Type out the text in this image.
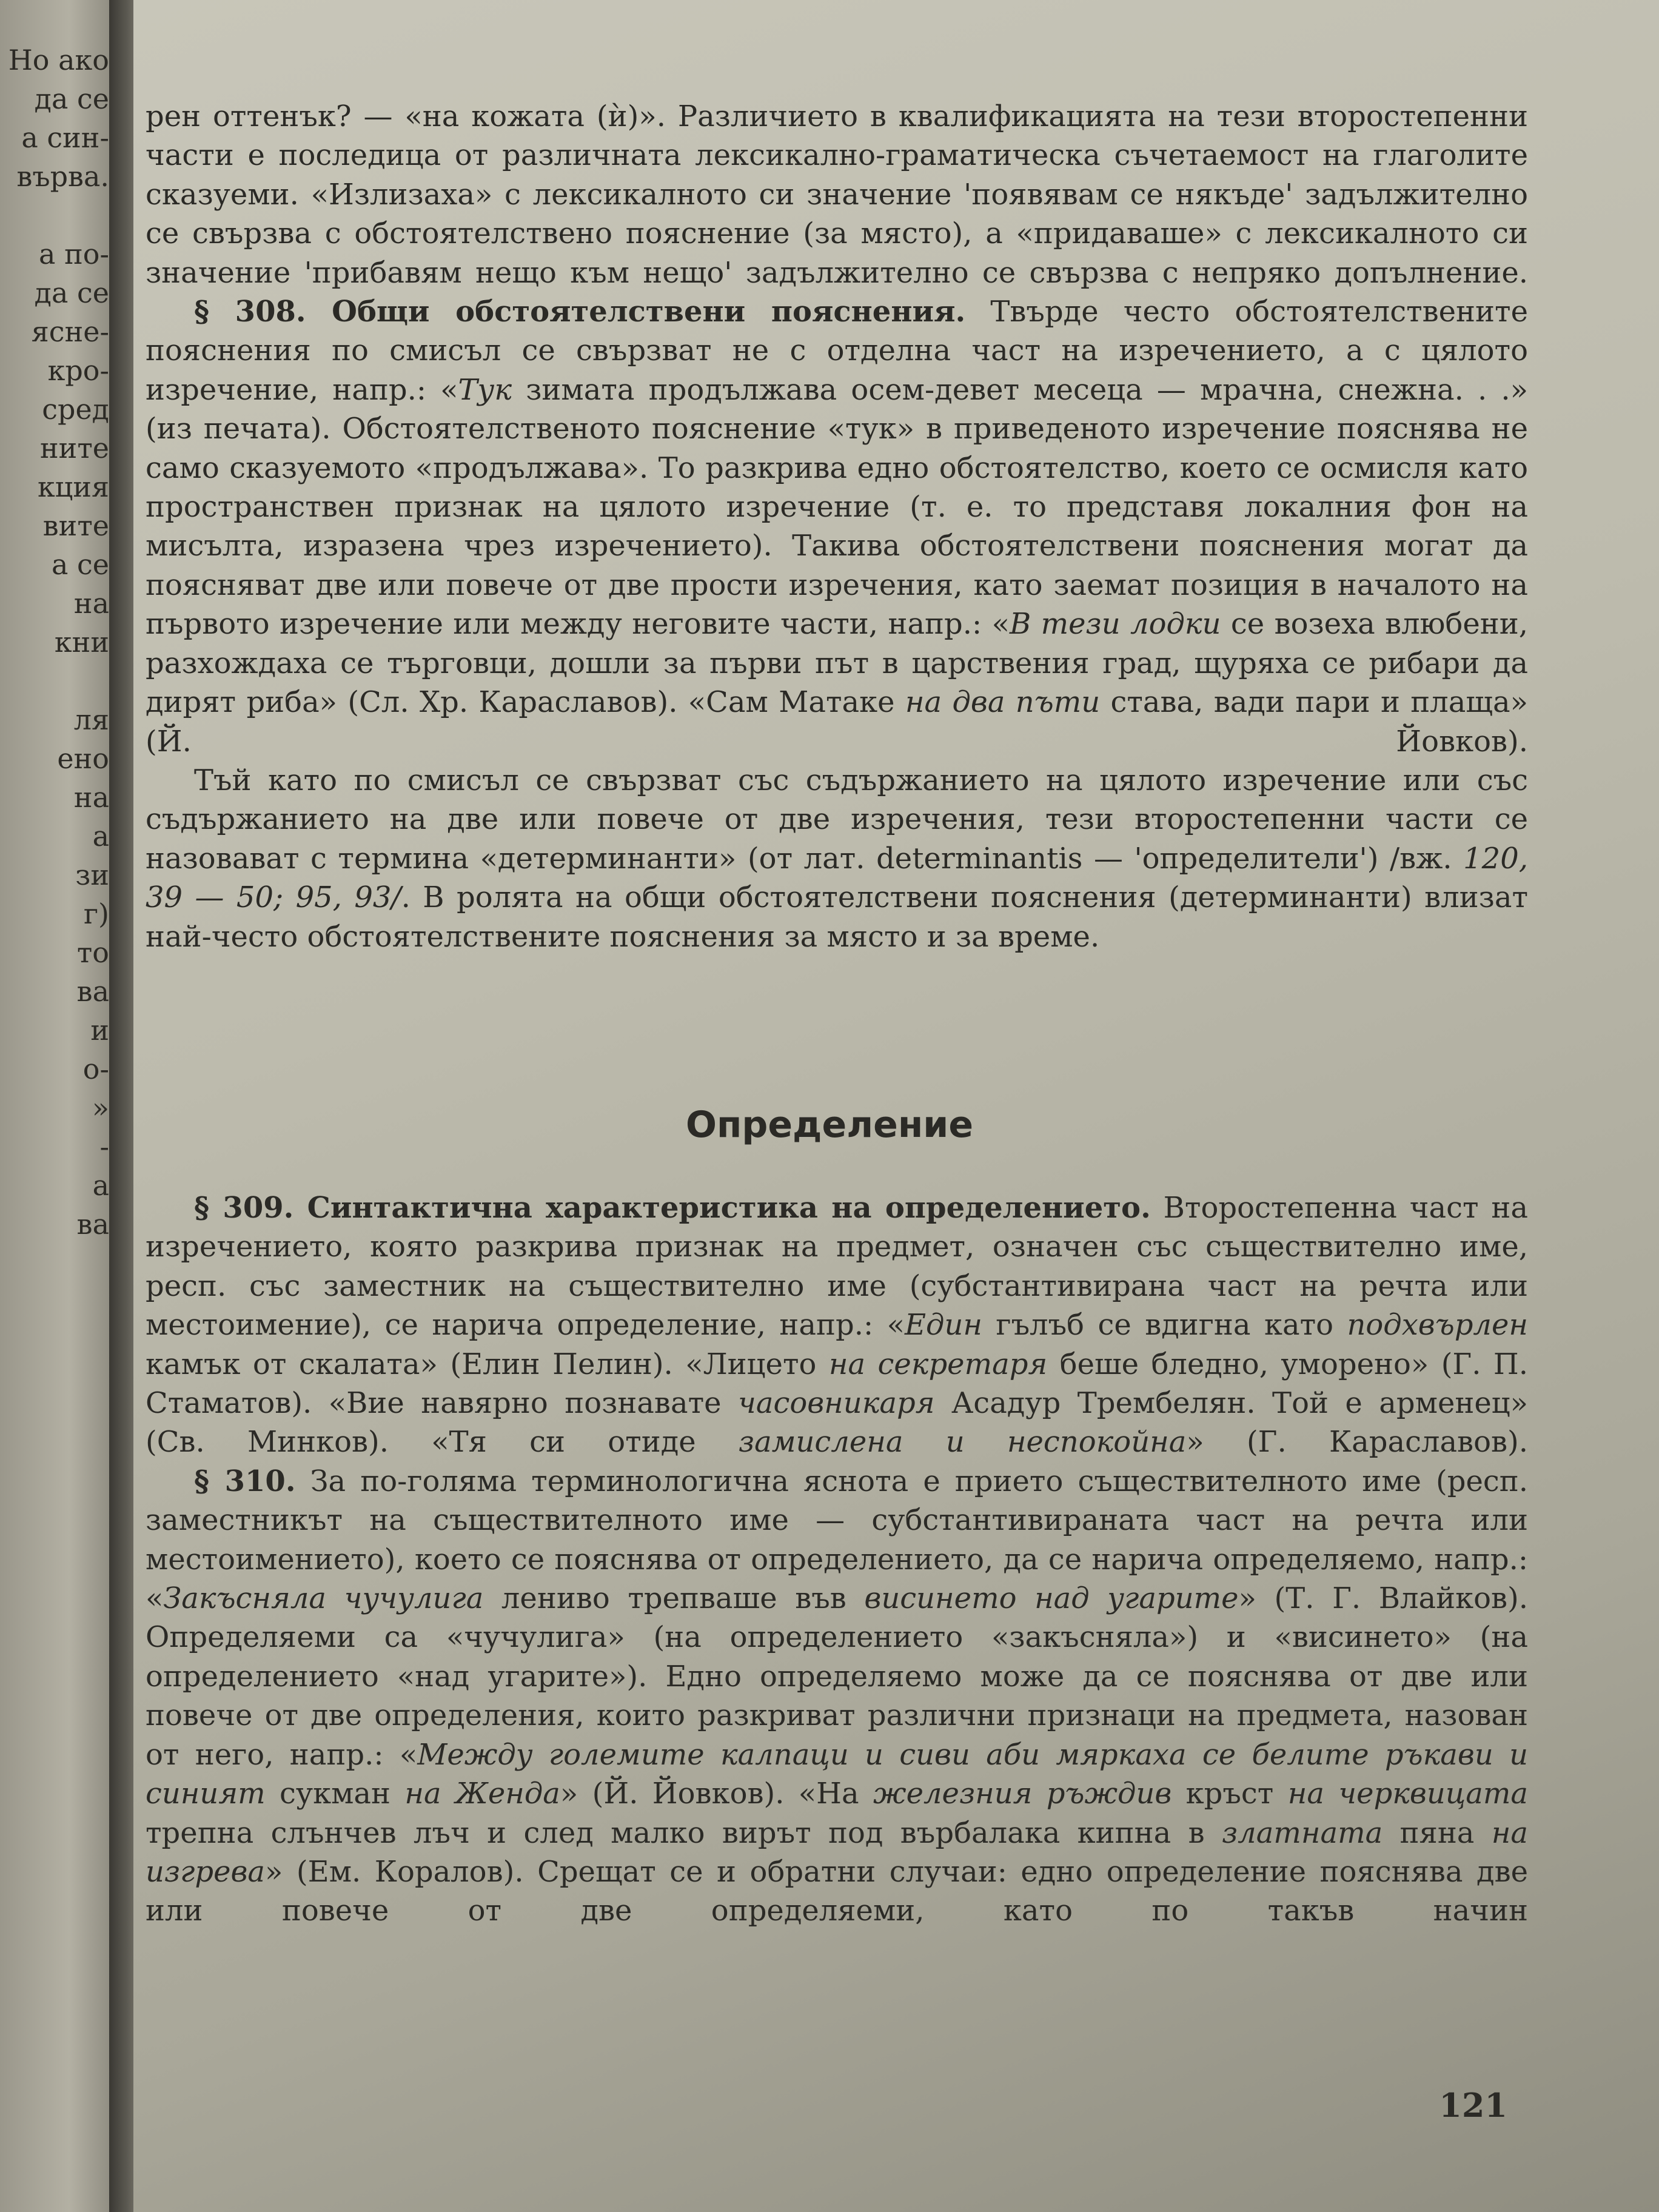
Но ако
да се
а син-
върва.
а по-
да се
ясне-
кро-
сред
ните
кция
вите
а се
на
кни
ля
ено
на
а
зи
г)
то
ва
и
о-
»
-
а
ва

рен оттенък? — «на кожата (ѝ)». Различието в квалификацията на тези второстепенни части е последица от различната лексикално-граматическа съчетаемост на глаголите сказуеми. «Излизаха» с лексикалното си значение 'появявам се някъде' задължително се свързва с обстоятелствено пояснение (за място), а «придаваше» с лексикалното си значение 'прибавям нещо към нещо' задължително се свързва с непряко допълнение.

§ 308. Общи обстоятелствени пояснения. Твърде често обстоятелствените пояснения по смисъл се свързват не с отделна част на изречението, а с цялото изречение, напр.: «Тук зимата продължава осем-девет месеца — мрачна, снежна. . .» (из печата). Обстоятелственото пояснение «тук» в приведеното изречение пояснява не само сказуемото «продължава». То разкрива едно обстоятелство, което се осмисля като пространствен признак на цялото изречение (т. е. то представя локалния фон на мисълта, изразена чрез изречението). Такива обстоятелствени пояснения могат да поясняват две или повече от две прости изречения, като заемат позиция в началото на първото изречение или между неговите части, напр.: «В тези лодки се возеха влюбени, разхождаха се търговци, дошли за първи път в царствения град, щуряха се рибари да дирят риба» (Сл. Хр. Караславов). «Сам Матаке на два пъти става, вади пари и плаща» (Й. Йовков).

Тъй като по смисъл се свързват със съдържанието на цялото изречение или със съдържанието на две или повече от две изречения, тези второстепенни части се назовават с термина «детерминанти» (от лат. determinantis — 'определители') /вж. 120, 39 — 50; 95, 93/. В ролята на общи обстоятелствени пояснения (детерминанти) влизат най-често обстоятелствените пояснения за място и за време.

Определение

§ 309. Синтактична характеристика на определението. Второстепенна част на изречението, която разкрива признак на предмет, означен със съществително име, респ. със заместник на съществително име (субстантивирана част на речта или местоимение), се нарича определение, напр.: «Един гълъб се вдигна като подхвърлен камък от скалата» (Елин Пелин). «Лицето на секретаря беше бледно, уморено» (Г. П. Стаматов). «Вие навярно познавате часовникаря Асадур Трембелян. Той е арменец» (Св. Минков). «Тя си отиде замислена и неспокойна» (Г. Караславов).

§ 310. За по-голяма терминологична яснота е прието съществителното име (респ. заместникът на съществителното име — субстантивираната част на речта или местоимението), което се пояснява от определението, да се нарича определяемо, напр.: «Закъсняла чучулига лениво трепваше във висинето над угарите» (Т. Г. Влайков). Определяеми са «чучулига» (на определението «закъсняла») и «висинето» (на определението «над угарите»). Едно определяемо може да се пояснява от две или повече от две определения, които разкриват различни признаци на предмета, назован от него, напр.: «Между големите калпаци и сиви аби мяркаха се белите ръкави и синият сукман на Женда» (Й. Йовков). «На железния ръждив кръст на черквицата трепна слънчев лъч и след малко вирът под върбалака кипна в златната пяна на изгрева» (Ем. Коралов). Срещат се и обратни случаи: едно определение пояснява две или повече от две определяеми, като по такъв начин

121
